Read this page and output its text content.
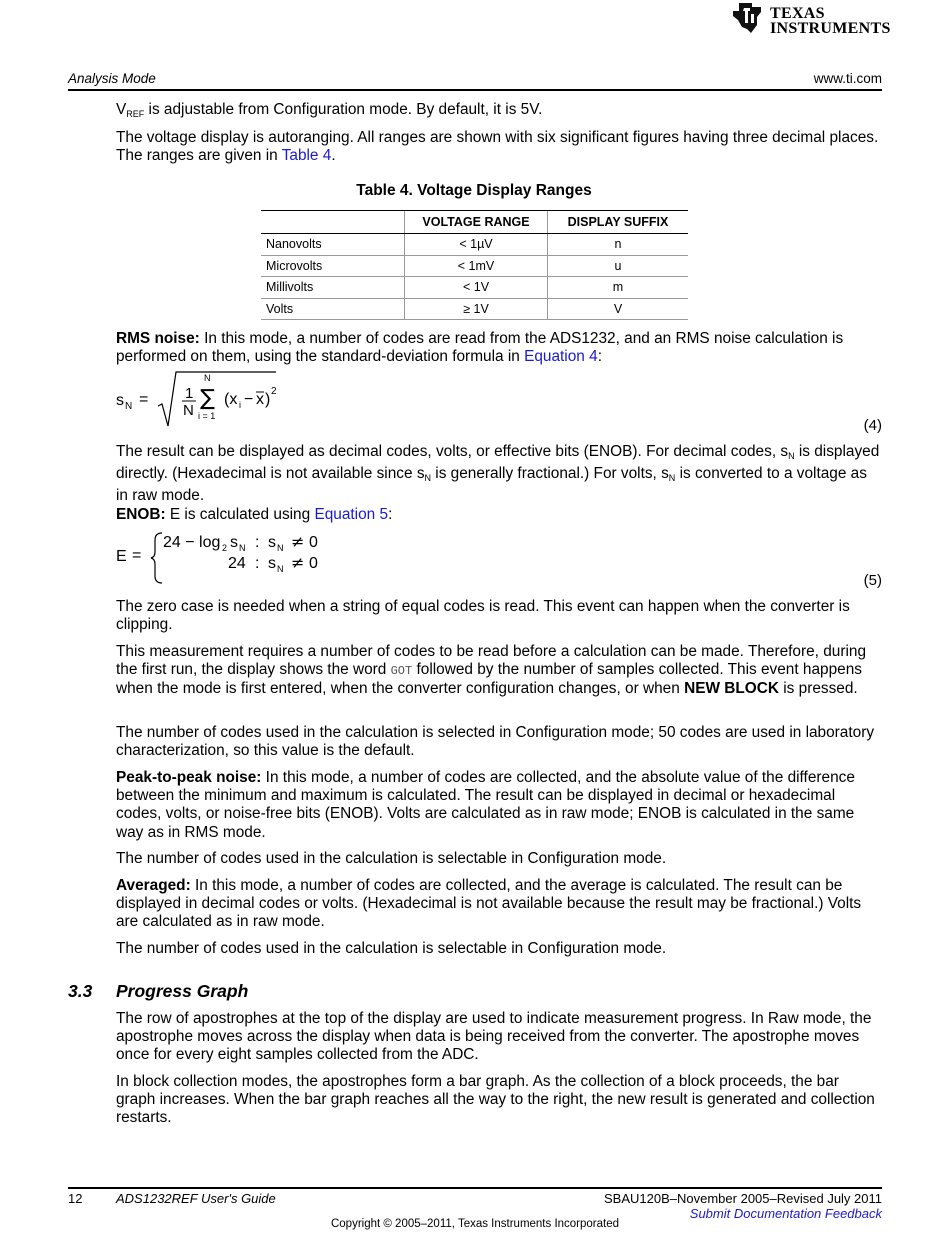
TEXAS
INSTRUMENTS
Analysis Mode	www.ti.com
$V_{REF}$ is adjustable from Configuration mode. By default, it is 5V.
The voltage display is autoranging. All ranges are shown with six significant figures having three decimal places. The ranges are given in Table 4.
Table 4. Voltage Display Ranges
	VOLTAGE RANGE	DISPLAY SUFFIX
Nanovolts	< 1µV	n
Microvolts	< 1mV	u
Millivolts	< 1V	m
Volts	≥ 1V	V
RMS noise: In this mode, a number of codes are read from the ADS1232, and an RMS noise calculation is performed on them, using the standard-deviation formula in Equation 4:
s N = 1
N
N
∑
i = 1
(x i − x ) 2
(4)
The result can be displayed as decimal codes, volts, or effective bits (ENOB). For decimal codes, $s_N$ is displayed directly. (Hexadecimal is not available since $s_N$ is generally fractional.) For volts, $s_N$ is converted to a voltage as in raw mode.
ENOB: E is calculated using Equation 5:
E =
24 − log 2 s N : s N ≠ 0
24 : s N ≠ 0
(5)
The zero case is needed when a string of equal codes is read. This event can happen when the converter is clipping.
This measurement requires a number of codes to be read before a calculation can be made. Therefore, during the first run, the display shows the word GOT followed by the number of samples collected. This event happens when the mode is first entered, when the converter configuration changes, or when NEW BLOCK is pressed.
The number of codes used in the calculation is selected in Configuration mode; 50 codes are used in laboratory characterization, so this value is the default.
Peak-to-peak noise: In this mode, a number of codes are collected, and the absolute value of the difference between the minimum and maximum is calculated. The result can be displayed in decimal or hexadecimal codes, volts, or noise-free bits (ENOB). Volts are calculated as in raw mode; ENOB is calculated in the same way as in RMS mode.
The number of codes used in the calculation is selectable in Configuration mode.
Averaged: In this mode, a number of codes are collected, and the average is calculated. The result can be displayed in decimal codes or volts. (Hexadecimal is not available because the result may be fractional.) Volts are calculated as in raw mode.
The number of codes used in the calculation is selectable in Configuration mode.
3.3 Progress Graph
The row of apostrophes at the top of the display are used to indicate measurement progress. In Raw mode, the apostrophe moves across the display when data is being received from the converter. The apostrophe moves once for every eight samples collected from the ADC.
In block collection modes, the apostrophes form a bar graph. As the collection of a block proceeds, the bar graph increases. When the bar graph reaches all the way to the right, the new result is generated and collection restarts.
12	ADS1232REF User's Guide	SBAU120B–November 2005–Revised July 2011
Submit Documentation Feedback
Copyright © 2005–2011, Texas Instruments Incorporated
